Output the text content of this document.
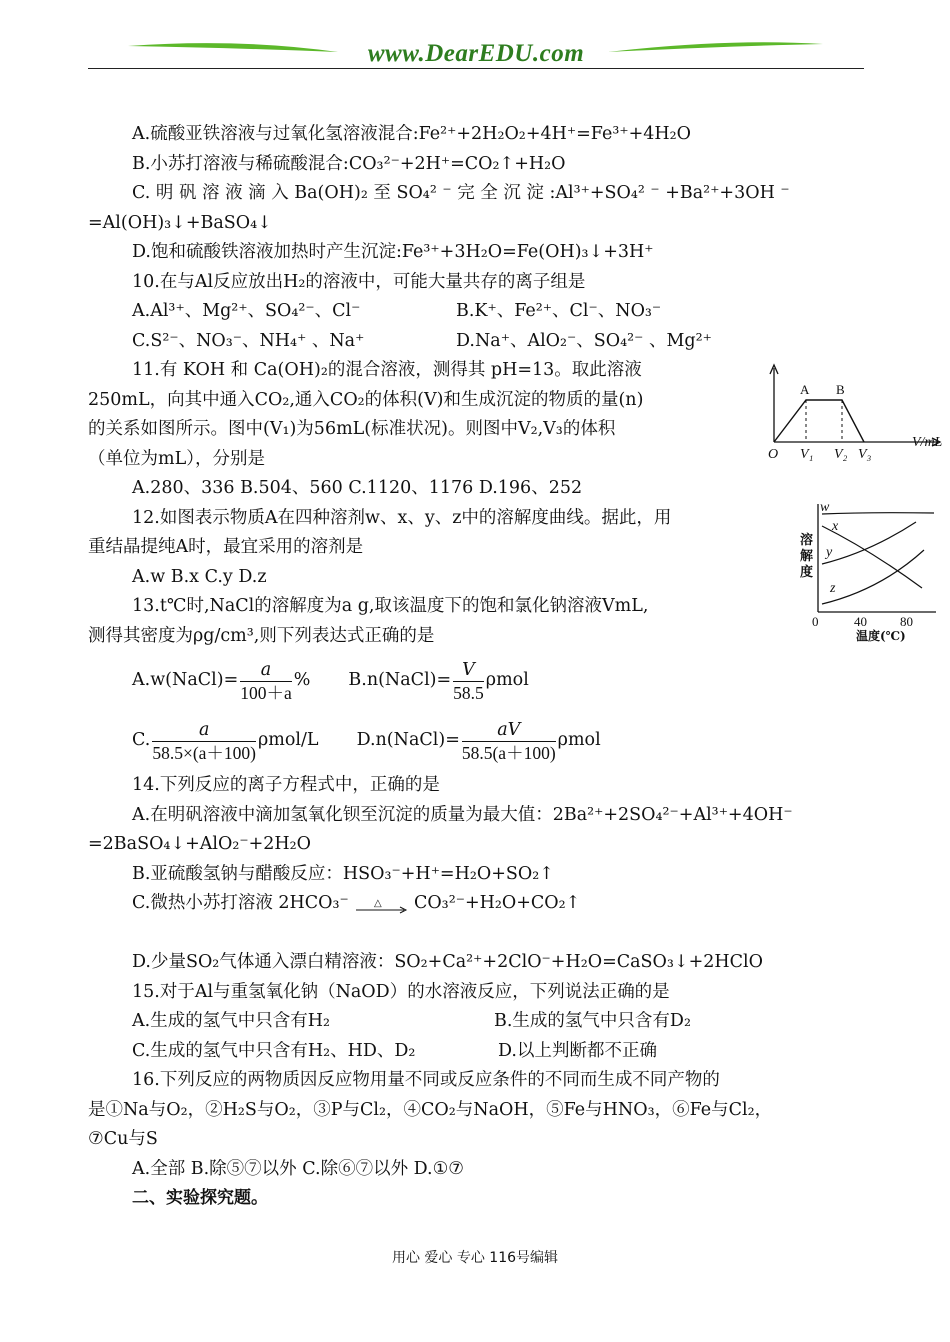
www.DearEDU.com
A.硫酸亚铁溶液与过氧化氢溶液混合:Fe²⁺+2H₂O₂+4H⁺=Fe³⁺+4H₂O
B.小苏打溶液与稀硫酸混合:CO₃²⁻+2H⁺=CO₂↑+H₂O
C. 明 矾 溶 液 滴 入 Ba(OH)₂ 至 SO₄² ⁻ 完 全 沉 淀 :Al³⁺+SO₄² ⁻ +Ba²⁺+3OH ⁻
=Al(OH)₃↓+BaSO₄↓
D.饱和硫酸铁溶液加热时产生沉淀:Fe³⁺+3H₂O=Fe(OH)₃↓+3H⁺
10.在与Al反应放出H₂的溶液中，可能大量共存的离子组是
A.Al³⁺、Mg²⁺、SO₄²⁻、Cl⁻	B.K⁺、Fe²⁺、Cl⁻、NO₃⁻
C.S²⁻、NO₃⁻、NH₄⁺ 、Na⁺	D.Na⁺、AlO₂⁻、SO₄²⁻ 、Mg²⁺
11.有 KOH 和 Ca(OH)₂的混合溶液，测得其 pH=13。取此溶液
250mL，向其中通入CO₂,通入CO₂的体积(V)和生成沉淀的物质的量(n)
的关系如图所示。图中(V₁)为56mL(标准状况)。则图中V₂,V₃的体积
（单位为mL），分别是
A.280、336 B.504、560 C.1120、1176 D.196、252
12.如图表示物质A在四种溶剂w、x、y、z中的溶解度曲线。据此，用
重结晶提纯A时，最宜采用的溶剂是
A.w B.x C.y D.z
13.t℃时,NaCl的溶解度为a g,取该温度下的饱和氯化钠溶液VmL,
测得其密度为ρg/cm³,则下列表达式正确的是
A.w(NaCl)= $\frac{a}{100+a}$ % B.n(NaCl)= $\frac{V}{58.5}$ ρmol
C. $\frac{a}{58.5\times(a+100)} \rho mol/L$ D.n(NaCl)= $\frac{aV}{58.5(a+100)}$ ρmol
14.下列反应的离子方程式中，正确的是
A.在明矾溶液中滴加氢氧化钡至沉淀的质量为最大值：2Ba²⁺+2SO₄²⁻+Al³⁺+4OH⁻
=2BaSO₄↓+AlO₂⁻+2H₂O
B.亚硫酸氢钠与醋酸反应：HSO₃⁻+H⁺=H₂O+SO₂↑
C.微热小苏打溶液 2HCO₃⁻	△ CO₃²⁻+H₂O+CO₂↑
D.少量SO₂气体通入漂白精溶液：SO₂+Ca²⁺+2ClO⁻+H₂O=CaSO₃↓+2HClO
15.对于Al与重氢氧化钠（NaOD）的水溶液反应，下列说法正确的是
A.生成的氢气中只含有H₂	B.生成的氢气中只含有D₂
C.生成的氢气中只含有H₂、HD、D₂	D.以上判断都不正确
16.下列反应的两物质因反应物用量不同或反应条件的不同而生成不同产物的
是①Na与O₂，②H₂S与O₂，③P与Cl₂，④CO₂与NaOH，⑤Fe与HNO₃，⑥Fe与Cl₂，
⑦Cu与S
A.全部 B.除⑤⑦以外 C.除⑥⑦以外 D.①⑦
二、实验探究题。
A B
O V₁ V₂ V₃
V/mL
w
x
y
z
溶
解
度
0	40	80
温度(℃)
用心 爱心 专心 116号编辑
